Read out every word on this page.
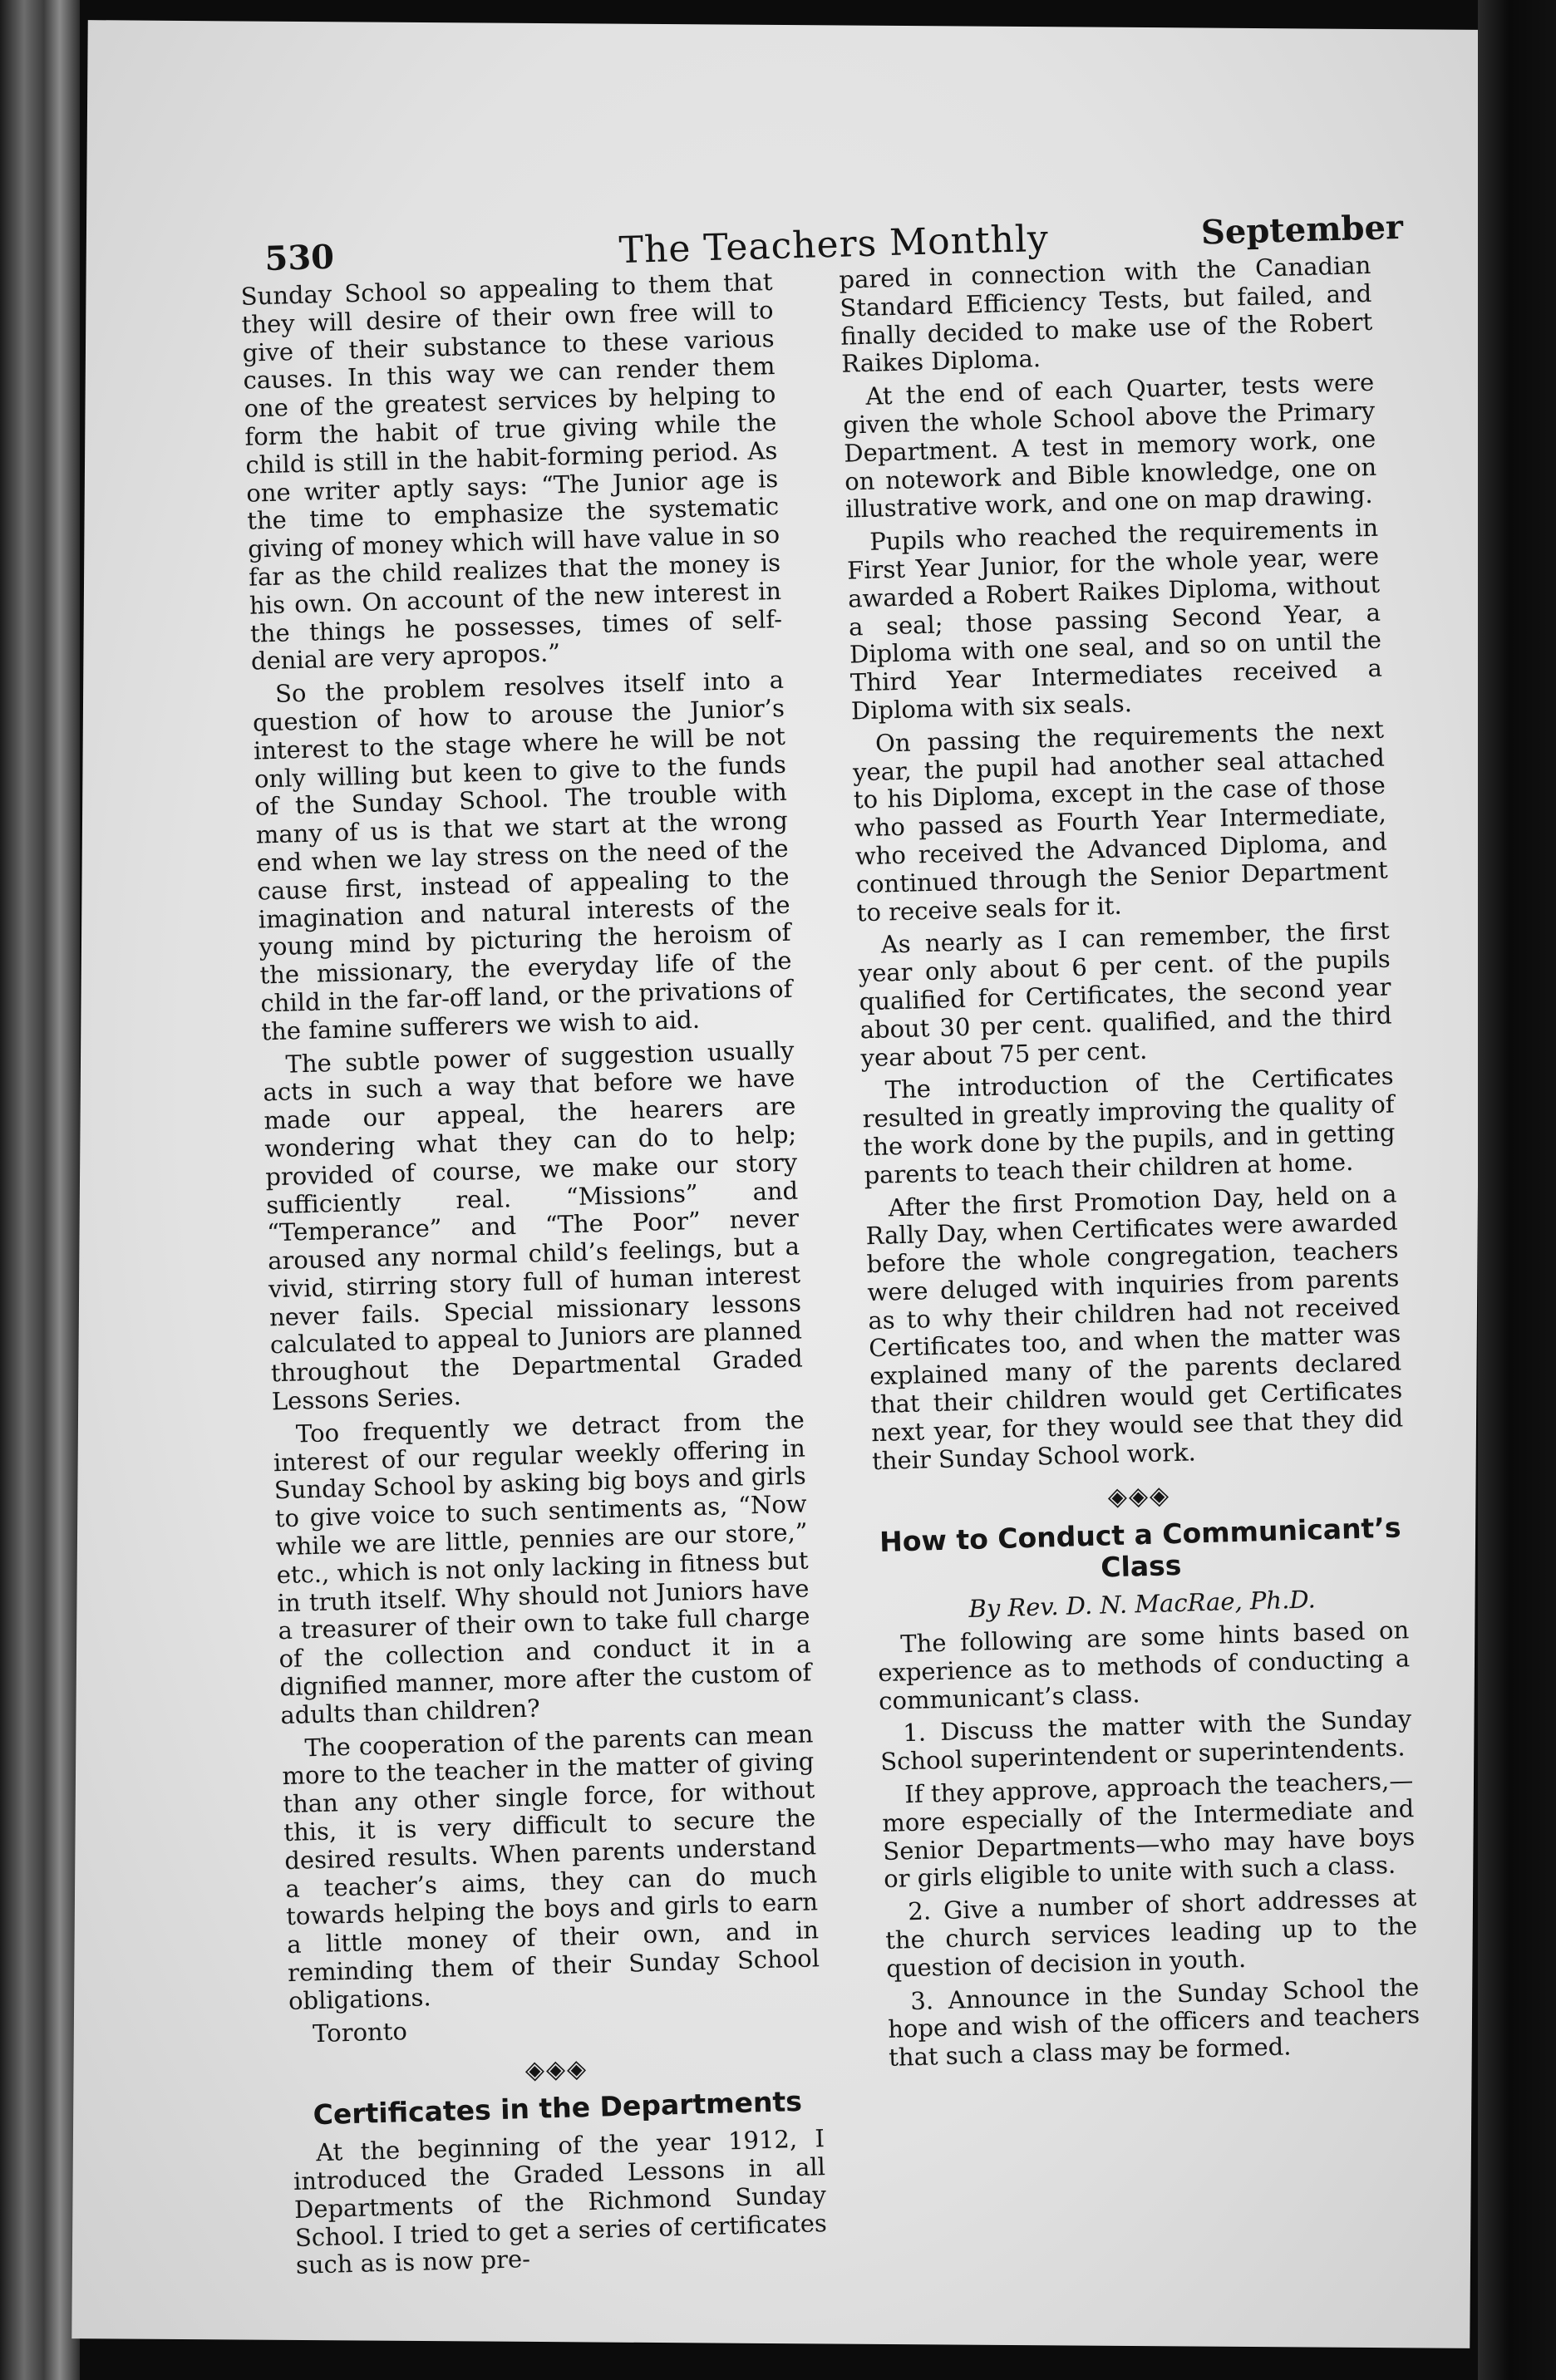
530	The Teachers Monthly	September

Sunday School so appealing to them that they will desire of their own free will to give of their substance to these various causes. In this way we can render them one of the greatest services by helping to form the habit of true giving while the child is still in the habit-forming period. As one writer aptly says: “The Junior age is the time to emphasize the systematic giving of money which will have value in so far as the child realizes that the money is his own. On account of the new interest in the things he possesses, times of self-denial are very apropos.”

So the problem resolves itself into a question of how to arouse the Junior’s interest to the stage where he will be not only willing but keen to give to the funds of the Sunday School. The trouble with many of us is that we start at the wrong end when we lay stress on the need of the cause first, instead of appealing to the imagination and natural interests of the young mind by picturing the heroism of the missionary, the everyday life of the child in the far-off land, or the privations of the famine sufferers we wish to aid.

The subtle power of suggestion usually acts in such a way that before we have made our appeal, the hearers are wondering what they can do to help; provided of course, we make our story sufficiently real. “Missions” and “Temperance” and “The Poor” never aroused any normal child’s feelings, but a vivid, stirring story full of human interest never fails. Special missionary lessons calculated to appeal to Juniors are planned throughout the Departmental Graded Lessons Series.

Too frequently we detract from the interest of our regular weekly offering in Sunday School by asking big boys and girls to give voice to such sentiments as, “Now while we are little, pennies are our store,” etc., which is not only lacking in fitness but in truth itself. Why should not Juniors have a treasurer of their own to take full charge of the collection and conduct it in a dignified manner, more after the custom of adults than children?

The cooperation of the parents can mean more to the teacher in the matter of giving than any other single force, for without this, it is very difficult to secure the desired results. When parents understand a teacher’s aims, they can do much towards helping the boys and girls to earn a little money of their own, and in reminding them of their Sunday School obligations.

Toronto

◈◈◈
Certificates in the Departments

At the beginning of the year 1912, I introduced the Graded Lessons in all Departments of the Richmond Sunday School. I tried to get a series of certificates such as is now pre-

pared in connection with the Canadian Standard Efficiency Tests, but failed, and finally decided to make use of the Robert Raikes Diploma.

At the end of each Quarter, tests were given the whole School above the Primary Department. A test in memory work, one on notework and Bible knowledge, one on illustrative work, and one on map drawing.

Pupils who reached the requirements in First Year Junior, for the whole year, were awarded a Robert Raikes Diploma, without a seal; those passing Second Year, a Diploma with one seal, and so on until the Third Year Intermediates received a Diploma with six seals.

On passing the requirements the next year, the pupil had another seal attached to his Diploma, except in the case of those who passed as Fourth Year Intermediate, who received the Advanced Diploma, and continued through the Senior Department to receive seals for it.

As nearly as I can remember, the first year only about 6 per cent. of the pupils qualified for Certificates, the second year about 30 per cent. qualified, and the third year about 75 per cent.

The introduction of the Certificates resulted in greatly improving the quality of the work done by the pupils, and in getting parents to teach their children at home.

After the first Promotion Day, held on a Rally Day, when Certificates were awarded before the whole congregation, teachers were deluged with inquiries from parents as to why their children had not received Certificates too, and when the matter was explained many of the parents declared that their children would get Certificates next year, for they would see that they did their Sunday School work.

◈◈◈
How to Conduct a Communicant’s Class
By Rev. D. N. MacRae, Ph.D.

The following are some hints based on experience as to methods of conducting a communicant’s class.

1. Discuss the matter with the Sunday School superintendent or superintendents.

If they approve, approach the teachers,—more especially of the Intermediate and Senior Departments—who may have boys or girls eligible to unite with such a class.

2. Give a number of short addresses at the church services leading up to the question of decision in youth.

3. Announce in the Sunday School the hope and wish of the officers and teachers that such a class may be formed.
